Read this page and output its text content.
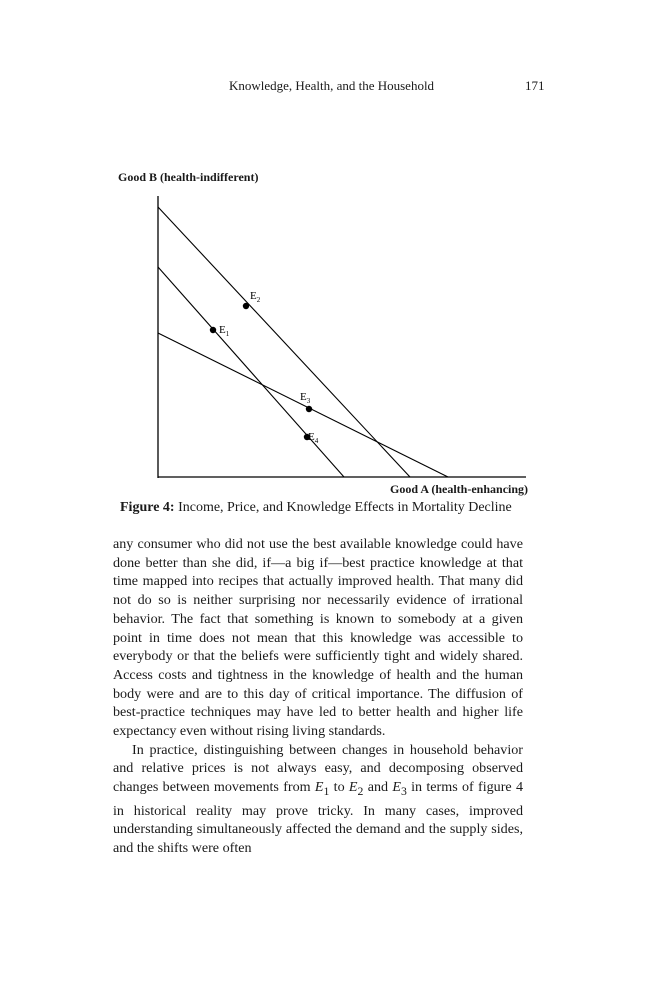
Knowledge, Health, and the Household	171
Good B (health-indifferent)
$E_2$
$E_1$
$E_3$
$E_4$
Good A (health-enhancing)
Figure 4: Income, Price, and Knowledge Effects in Mortality Decline

any consumer who did not use the best available knowledge could have done better than she did, if—a big if—best practice knowledge at that time mapped into recipes that actually improved health. That many did not do so is neither surprising nor necessarily evidence of irrational behavior. The fact that something is known to somebody at a given point in time does not mean that this knowledge was accessible to everybody or that the beliefs were sufficiently tight and widely shared. Access costs and tightness in the knowledge of health and the human body were and are to this day of critical importance. The diffusion of best-practice techniques may have led to better health and higher life expectancy even without rising living standards.

In practice, distinguishing between changes in household behavior and relative prices is not always easy, and decomposing observed changes between movements from $E_1$ to $E_2$ and $E_3$ in terms of figure 4 in historical reality may prove tricky. In many cases, improved understanding simultaneously affected the demand and the supply sides, and the shifts were often
